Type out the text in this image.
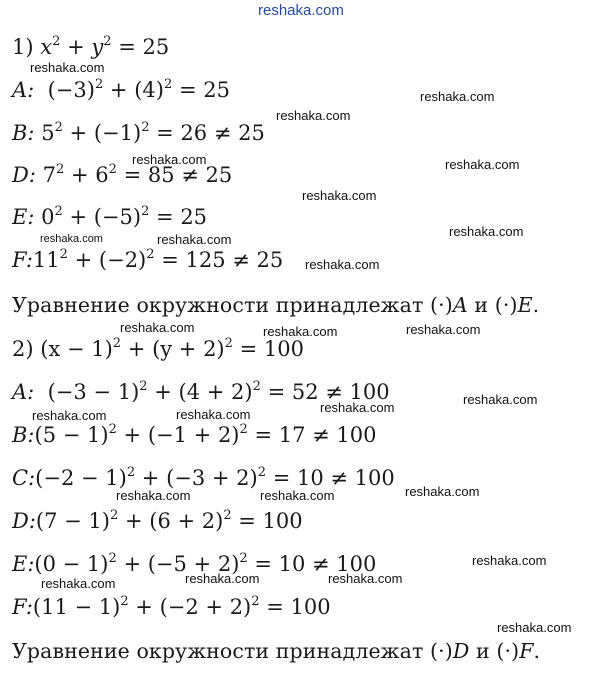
1) $x^2 + y^2 = 25$
A: $(-3)^2 + (4)^2 = 25$
B: $5^2 + (-1)^2 = 26 \ne 25$
D: $7^2 + 6^2 = 85 \ne 25$
E: $0^2 + (-5)^2 = 25$
$F:11^2 + (-2)^2 = 125 \ne 25$
Уравнение окружности принадлежат (·)A и (·)E.
2) $(x - 1)^2 + (y + 2)^2 = 100$
A: $(-3 - 1)^2 + (4 + 2)^2 = 52 \ne 100$
B:(5 − $1)^2 + (-1 + 2)^2 = 17 \ne 100$
C:(−2 − $1)^2 + (-3 + 2)^2 = 10 \ne 100$
D:(7 − $1)^2 + (6 + 2)^2 = 100$
E:(0 − $1)^2 + (-5 + 2)^2 = 10 \ne 100$
F:(11 − $1)^2 + (-2 + 2)^2 = 100$
Уравнение окружности принадлежат (·)D и (·)F.
reshaka.com
reshaka.com
reshaka.com
reshaka.com
reshaka.com	reshaka.com
reshaka.com
reshaka.com
reshaka.com	reshaka.com
reshaka.com
reshaka.com	reshaka.com	reshaka.com
reshaka.com
reshaka.com
reshaka.com	reshaka.com
reshaka.com
reshaka.com	reshaka.com
reshaka.com
reshaka.com	reshaka.com	reshaka.com
reshaka.com
